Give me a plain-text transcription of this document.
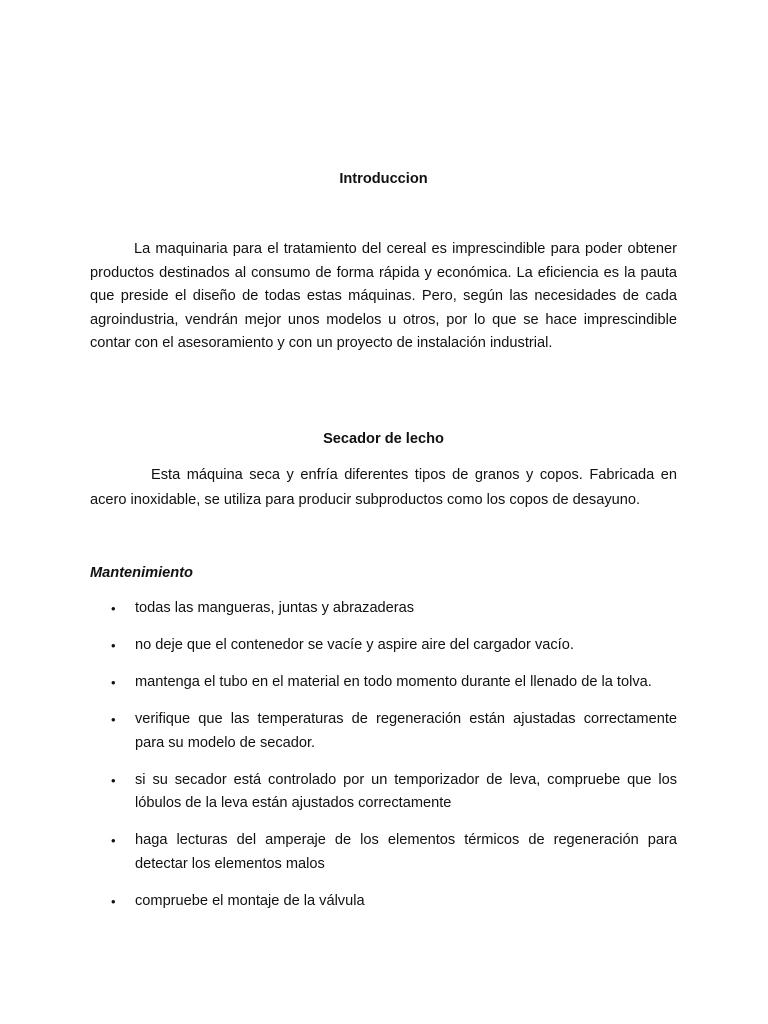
Introduccion

La maquinaria para el tratamiento del cereal es imprescindible para poder obtener productos destinados al consumo de forma rápida y económica. La eficiencia es la pauta que preside el diseño de todas estas máquinas. Pero, según las necesidades de cada agroindustria, vendrán mejor unos modelos u otros, por lo que se hace imprescindible contar con el asesoramiento y con un proyecto de instalación industrial.

Secador de lecho

Esta máquina seca y enfría diferentes tipos de granos y copos. Fabricada en acero inoxidable, se utiliza para producir subproductos como los copos de desayuno.

Mantenimiento
• todas las mangueras, juntas y abrazaderas
• no deje que el contenedor se vacíe y aspire aire del cargador vacío.
• mantenga el tubo en el material en todo momento durante el llenado de la tolva.
• verifique que las temperaturas de regeneración están ajustadas correctamente para su modelo de secador.
• si su secador está controlado por un temporizador de leva, compruebe que los lóbulos de la leva están ajustados correctamente
• haga lecturas del amperaje de los elementos térmicos de regeneración para detectar los elementos malos
• compruebe el montaje de la válvula
